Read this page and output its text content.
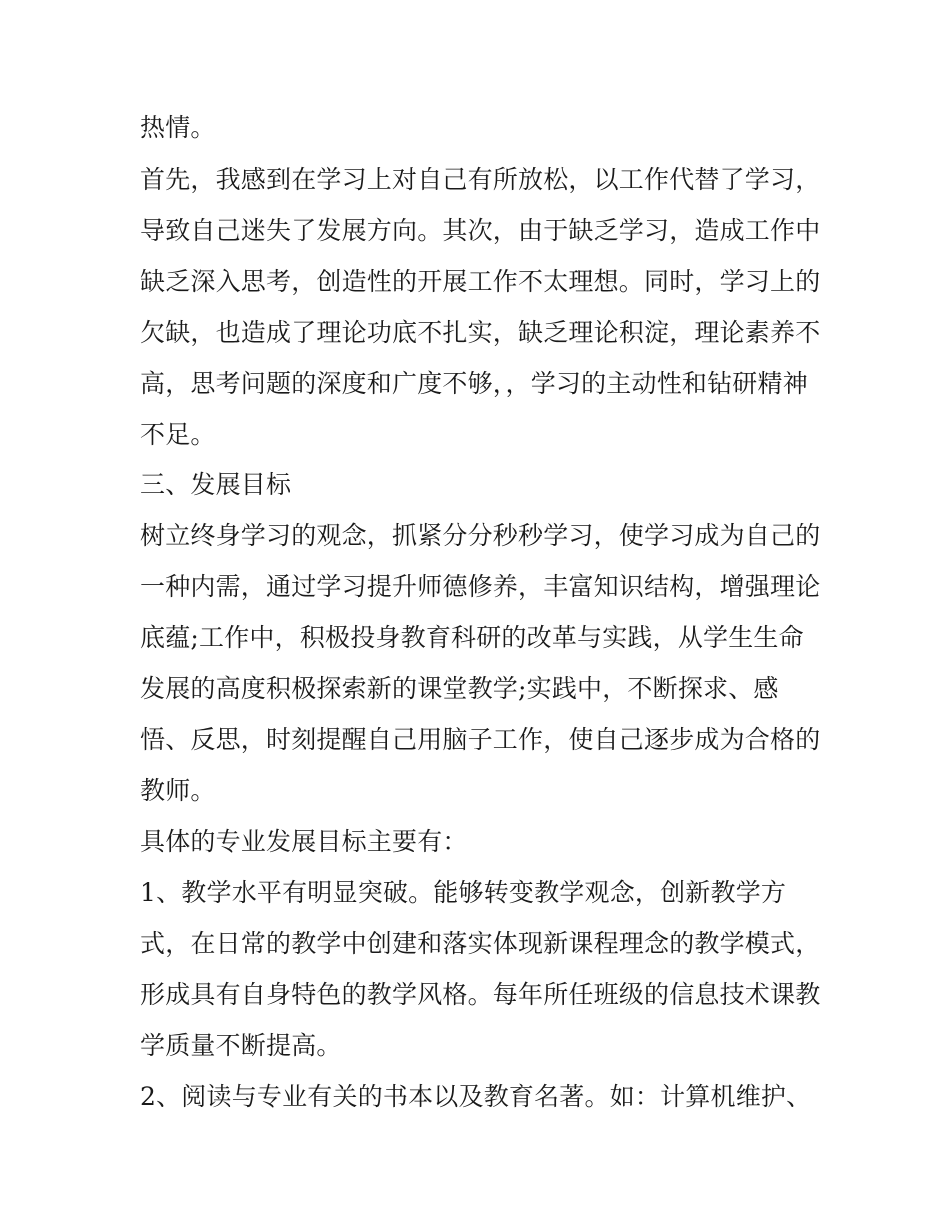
热情。
首先，我感到在学习上对自己有所放松，以工作代替了学习，
导致自己迷失了发展方向。其次，由于缺乏学习，造成工作中
缺乏深入思考，创造性的开展工作不太理想。同时，学习上的
欠缺，也造成了理论功底不扎实，缺乏理论积淀，理论素养不
高，思考问题的深度和广度不够，，学习的主动性和钻研精神
不足。
三、发展目标
树立终身学习的观念，抓紧分分秒秒学习，使学习成为自己的
一种内需，通过学习提升师德修养，丰富知识结构，增强理论
底蕴;工作中，积极投身教育科研的改革与实践，从学生生命
发展的高度积极探索新的课堂教学;实践中，不断探求、感
悟、反思，时刻提醒自己用脑子工作，使自己逐步成为合格的
教师。
具体的专业发展目标主要有：
1、教学水平有明显突破。能够转变教学观念，创新教学方
式，在日常的教学中创建和落实体现新课程理念的教学模式，
形成具有自身特色的教学风格。每年所任班级的信息技术课教
学质量不断提高。
2、阅读与专业有关的书本以及教育名著。如：计算机维护、
